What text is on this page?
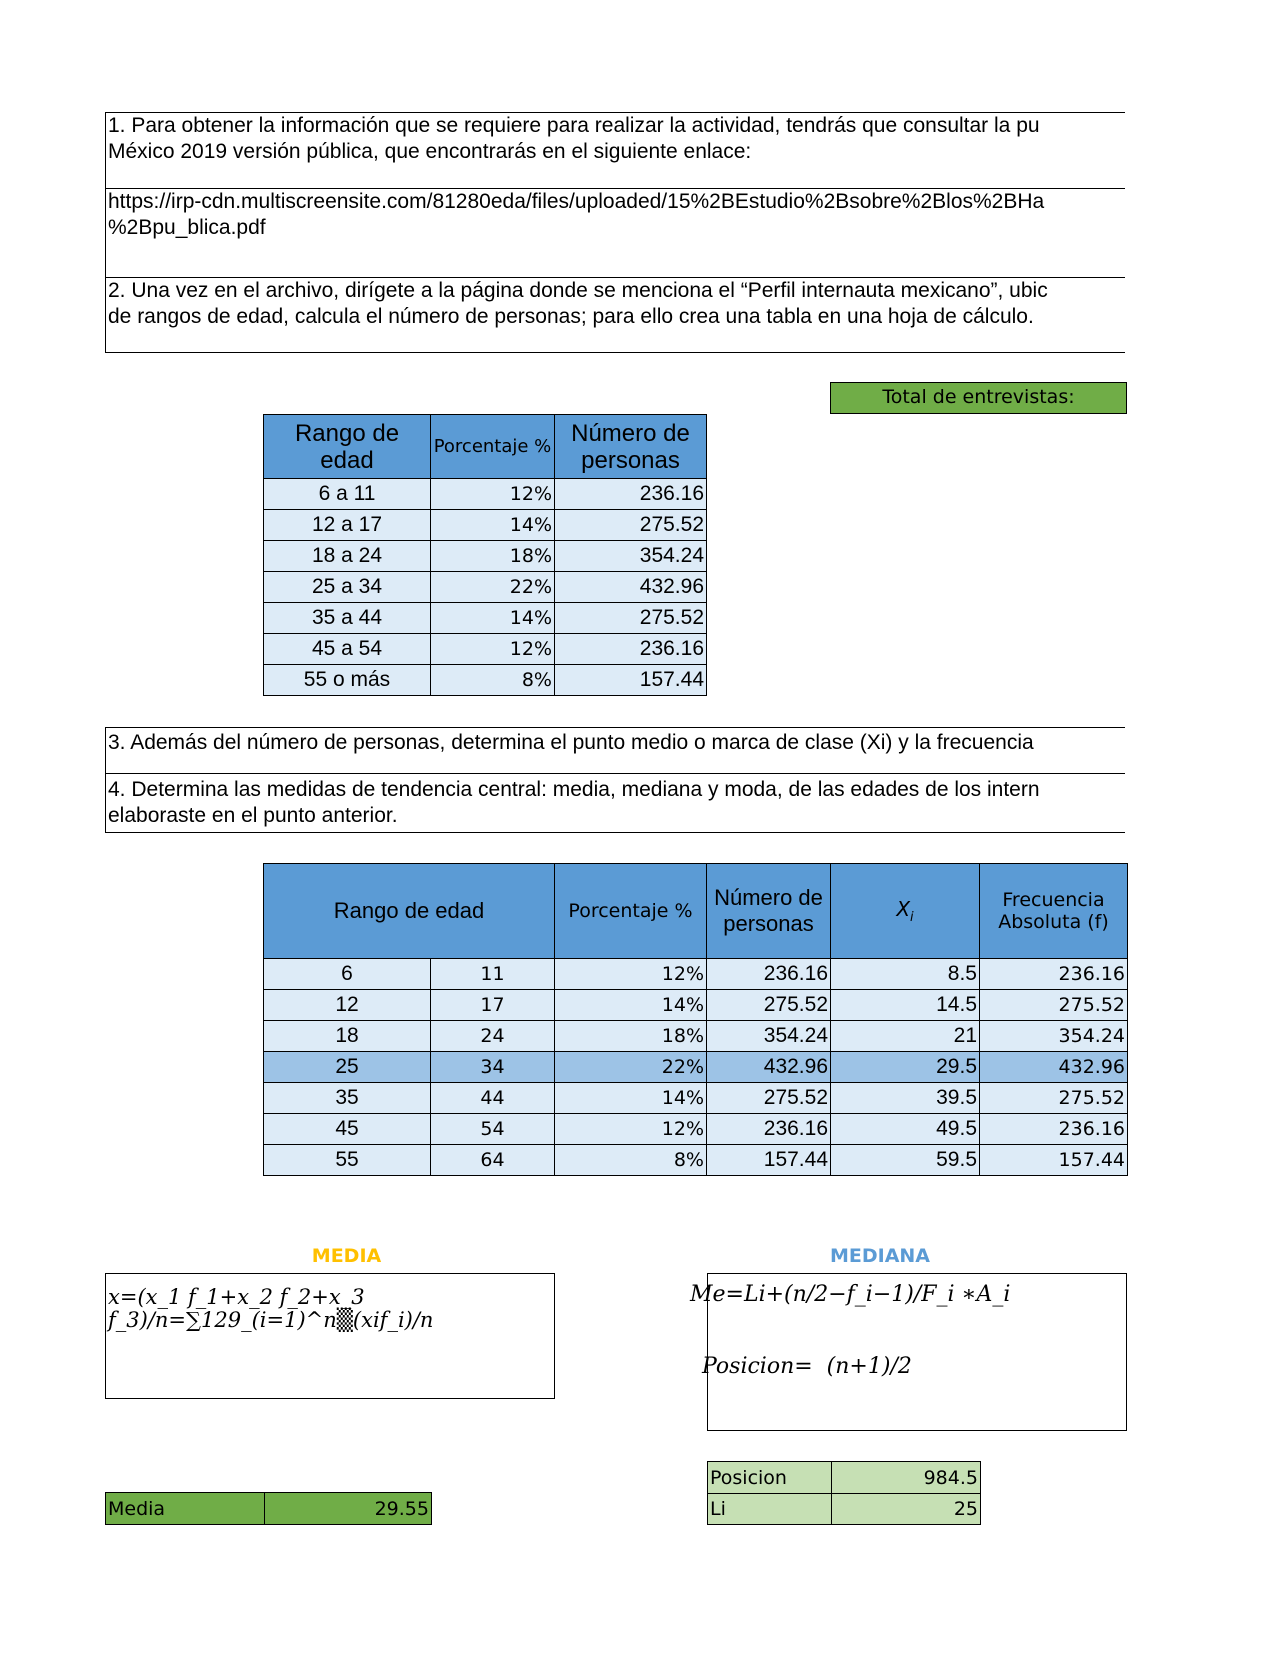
1. Para obtener la información que se requiere para realizar la actividad, tendrás que consultar la pu
México 2019 versión pública, que encontrarás en el siguiente enlace:
https://irp-cdn.multiscreensite.com/81280eda/files/uploaded/15%2BEstudio%2Bsobre%2Blos%2BHa
%2Bpu_blica.pdf
2. Una vez en el archivo, dirígete a la página donde se menciona el “Perfil internauta mexicano”, ubic
de rangos de edad, calcula el número de personas; para ello crea una tabla en una hoja de cálculo.
Total de entrevistas:
Rango de edad	Porcentaje %	Número de personas
6 a 11	12%	236.16
12 a 17	14%	275.52
18 a 24	18%	354.24
25 a 34	22%	432.96
35 a 44	14%	275.52
45 a 54	12%	236.16
55 o más	8%	157.44
3. Además del número de personas, determina el punto medio o marca de clase (Xi) y la frecuencia
4. Determina las medidas de tendencia central: media, mediana y moda, de las edades de los intern
elaboraste en el punto anterior.
Rango de edad		Porcentaje %	Número de personas	$X_i$	Frecuencia Absoluta (f)
6	11	12%	236.16	8.5	236.16
12	17	14%	275.52	14.5	275.52
18	24	18%	354.24	21	354.24
25	34	22%	432.96	29.5	432.96
35	44	14%	275.52	39.5	275.52
45	54	12%	236.16	49.5	236.16
55	64	8%	157.44	59.5	157.44
MEDIA
x=(x_1 f_1+x_2 f_2+x_3
f_3)/n=∑129_(i=1)^n▒(xif_i)/n
Media	29.55
MEDIANA
Me=Li+(n/2−f_i−1)/F_i ∗A_i
Posicion=  (n+1)/2
Posicion	984.5
Li	25
